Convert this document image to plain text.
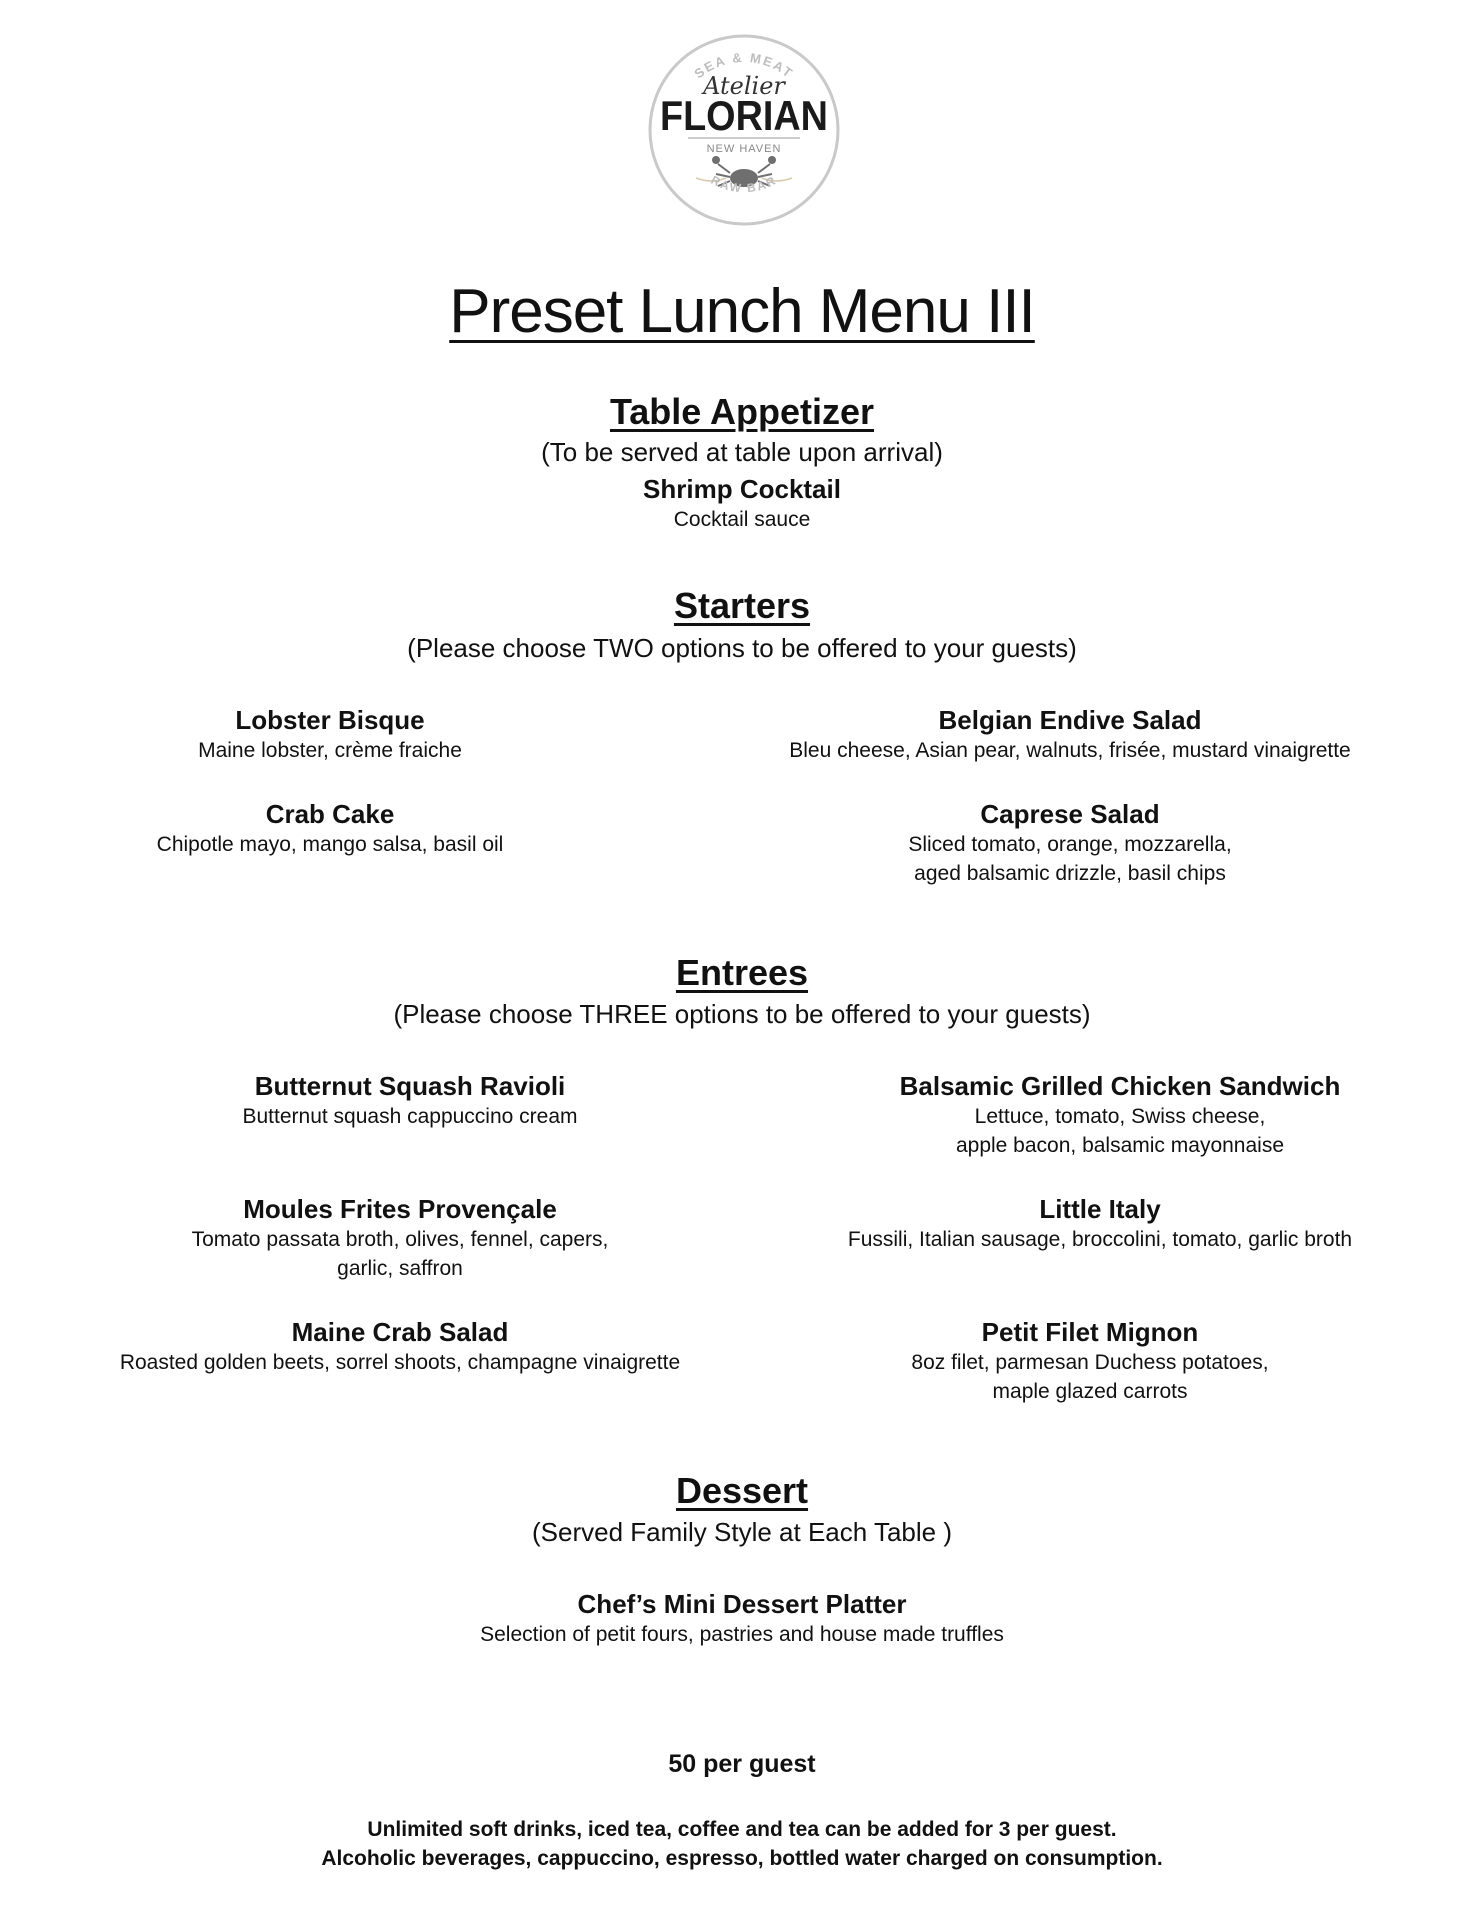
SEA & MEAT
Atelier
FLORIAN
NEW HAVEN
RAW BAR
Preset Lunch Menu III
Table Appetizer
(To be served at table upon arrival)
Shrimp Cocktail
Cocktail sauce
Starters
(Please choose TWO options to be offered to your guests)
Lobster Bisque
Maine lobster, crème fraiche
Belgian Endive Salad
Bleu cheese, Asian pear, walnuts, frisée, mustard vinaigrette
Crab Cake
Chipotle mayo, mango salsa, basil oil
Caprese Salad
Sliced tomato, orange, mozzarella,
aged balsamic drizzle, basil chips
Entrees
(Please choose THREE options to be offered to your guests)
Butternut Squash Ravioli
Butternut squash cappuccino cream
Balsamic Grilled Chicken Sandwich
Lettuce, tomato, Swiss cheese,
apple bacon, balsamic mayonnaise
Moules Frites Provençale
Tomato passata broth, olives, fennel, capers,
garlic, saffron
Little Italy
Fussili, Italian sausage, broccolini, tomato, garlic broth
Maine Crab Salad
Roasted golden beets, sorrel shoots, champagne vinaigrette
Petit Filet Mignon
8oz filet, parmesan Duchess potatoes,
maple glazed carrots
Dessert
(Served Family Style at Each Table )
Chef’s Mini Dessert Platter
Selection of petit fours, pastries and house made truffles
50 per guest
Unlimited soft drinks, iced tea, coffee and tea can be added for 3 per guest.
Alcoholic beverages, cappuccino, espresso, bottled water charged on consumption.
